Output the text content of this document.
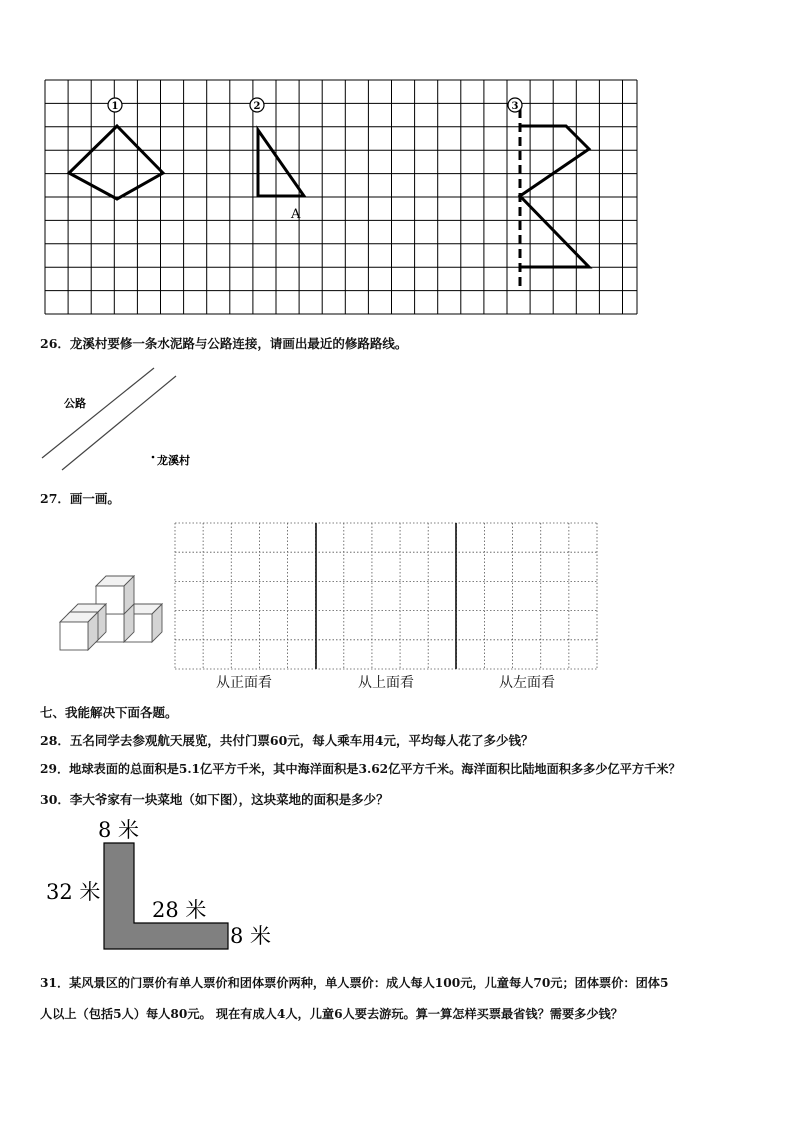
1	2	3
A
26．龙溪村要修一条水泥路与公路连接，请画出最近的修路路线。
公路
龙溪村
27．画一画。
从正面看	从上面看	从左面看
七、我能解决下面各题。
28．五名同学去参观航天展览，共付门票60元，每人乘车用4元，平均每人花了多少钱？
29．地球表面的总面积是5.1亿平方千米，其中海洋面积是3.62亿平方千米。海洋面积比陆地面积多多少亿平方千米？
30．李大爷家有一块菜地（如下图），这块菜地的面积是多少？
8 米
32 米
28 米
8 米
31．某风景区的门票价有单人票价和团体票价两种，单人票价：成人每人100元，儿童每人70元；团体票价：团体5
人以上（包括5人）每人80元。 现在有成人4人，儿童6人要去游玩。算一算怎样买票最省钱？需要多少钱？
